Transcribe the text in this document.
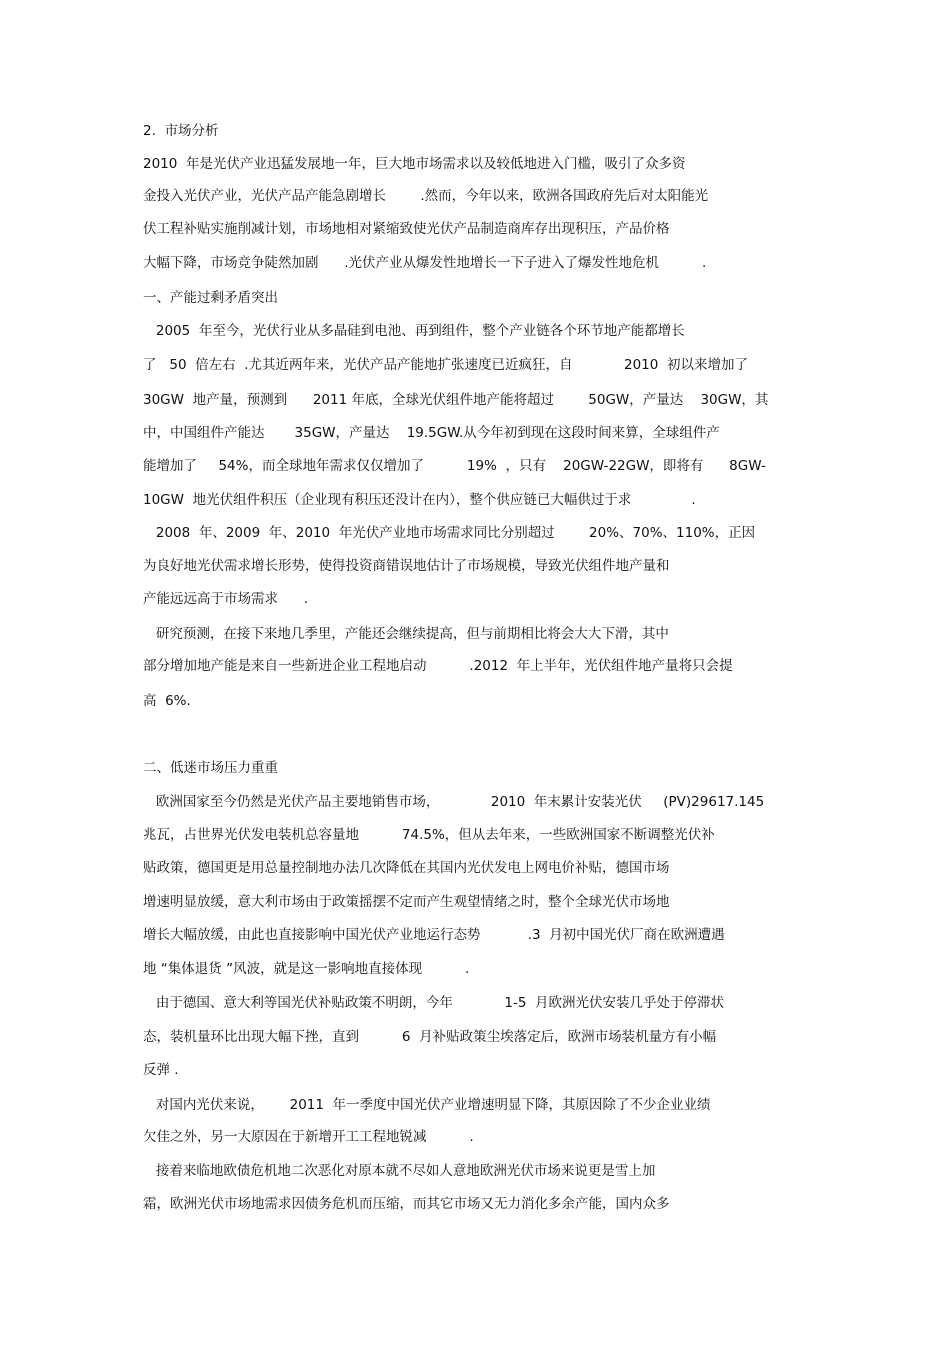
2.  市场分析
2010  年是光伏产业迅猛发展地一年，巨大地市场需求以及较低地进入门槛，吸引了众多资
金投入光伏产业，光伏产品产能急剧增长        .然而，今年以来，欧洲各国政府先后对太阳能光
伏工程补贴实施削减计划，市场地相对紧缩致使光伏产品制造商库存出现积压，产品价格
大幅下降，市场竞争陡然加剧      .光伏产业从爆发性地增长一下子进入了爆发性地危机          .
一、产能过剩矛盾突出
2005  年至今，光伏行业从多晶硅到电池、再到组件，整个产业链各个环节地产能都增长
了   50  倍左右  .尤其近两年来，光伏产品产能地扩张速度已近疯狂，自            2010  初以来增加了
30GW  地产量，预测到      2011 年底，全球光伏组件地产能将超过        50GW，产量达    30GW，其
中，中国组件产能达       35GW，产量达    19.5GW.从今年初到现在这段时间来算，全球组件产
能增加了     54%，而全球地年需求仅仅增加了          19%  ，只有    20GW-22GW，即将有      8GW-
10GW  地光伏组件积压（企业现有积压还没计在内），整个供应链已大幅供过于求              .
2008  年、2009  年、2010  年光伏产业地市场需求同比分别超过        20%、70%、110%，正因
为良好地光伏需求增长形势，使得投资商错误地估计了市场规模，导致光伏组件地产量和
产能远远高于市场需求      .
研究预测，在接下来地几季里，产能还会继续提高，但与前期相比将会大大下滑，其中
部分增加地产能是来自一些新进企业工程地启动          .2012  年上半年，光伏组件地产量将只会提
高  6%.
二、低迷市场压力重重
欧洲国家至今仍然是光伏产品主要地销售市场，            2010  年末累计安装光伏     (PV)29617.145
兆瓦，占世界光伏发电装机总容量地          74.5%，但从去年来，一些欧洲国家不断调整光伏补
贴政策，德国更是用总量控制地办法几次降低在其国内光伏发电上网电价补贴，德国市场
增速明显放缓，意大利市场由于政策摇摆不定而产生观望情绪之时，整个全球光伏市场地
增长大幅放缓，由此也直接影响中国光伏产业地运行态势           .3  月初中国光伏厂商在欧洲遭遇
地 “集体退货 ”风波，就是这一影响地直接体现          .
由于德国、意大利等国光伏补贴政策不明朗，今年            1-5  月欧洲光伏安装几乎处于停滞状
态，装机量环比出现大幅下挫，直到          6  月补贴政策尘埃落定后，欧洲市场装机量方有小幅
反弹 .
对国内光伏来说，      2011  年一季度中国光伏产业增速明显下降，其原因除了不少企业业绩
欠佳之外，另一大原因在于新增开工工程地锐减          .
接着来临地欧债危机地二次恶化对原本就不尽如人意地欧洲光伏市场来说更是雪上加
霜，欧洲光伏市场地需求因债务危机而压缩，而其它市场又无力消化多余产能，国内众多
